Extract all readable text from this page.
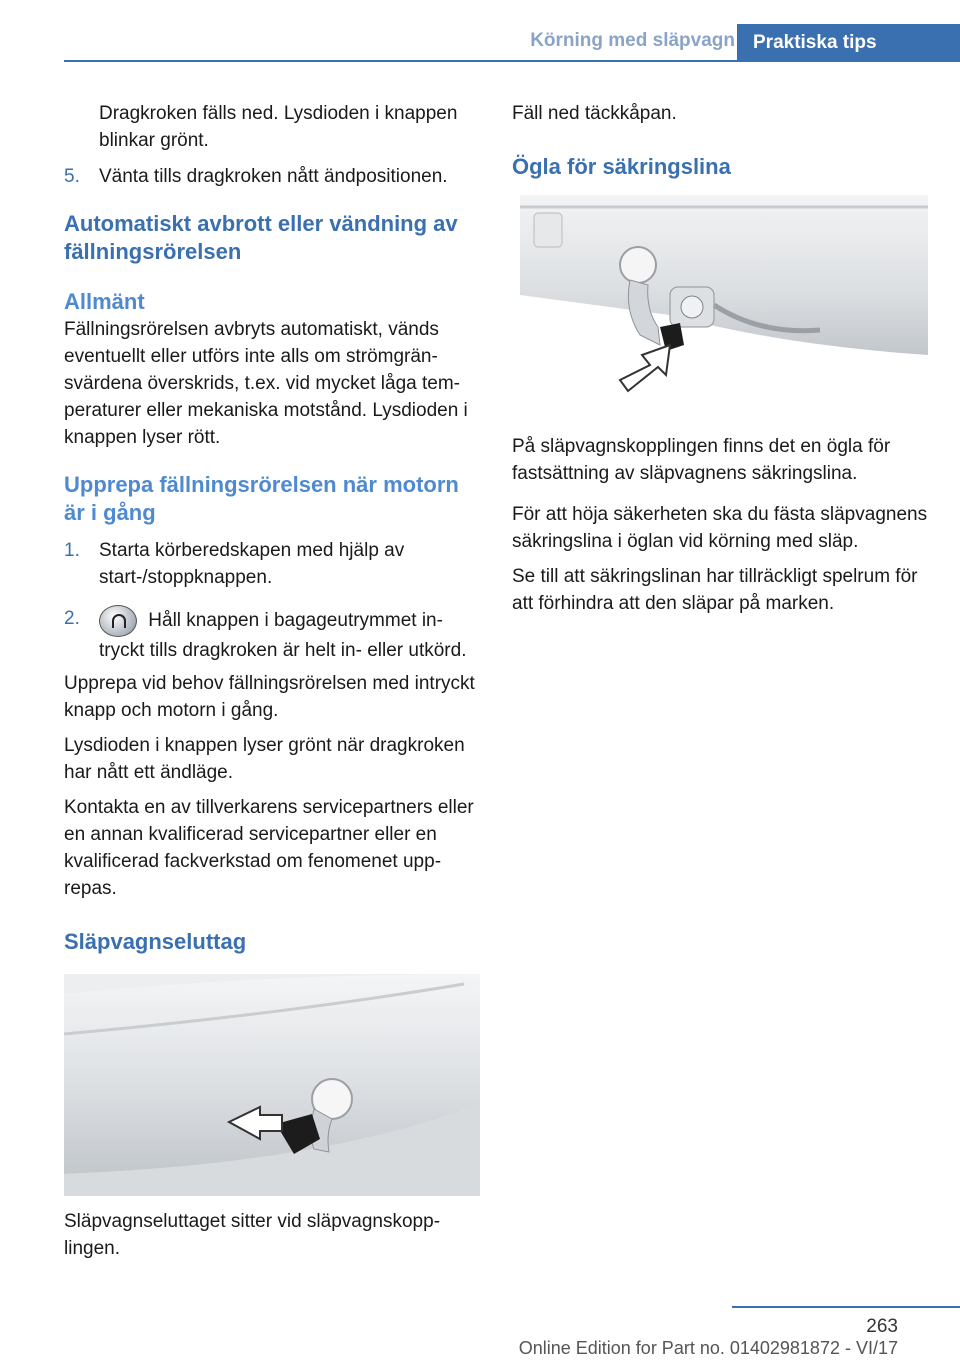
Körning med släpvagn Praktiska tips

Dragkroken fälls ned. Lysdioden i knappen blinkar grönt.

5.	Vänta tills dragkroken nått ändpositionen.
Automatiskt avbrott eller vändning av fällningsrörelsen
Allmänt

Fällningsrörelsen avbryts automatiskt, vänds eventuellt eller utförs inte alls om strömgränsvärdena överskrids, t.ex. vid mycket låga temperaturer eller mekaniska motstånd. Lysdioden i knappen lyser rött.

Upprepa fällningsrörelsen när motorn är i gång
1.	Starta körberedskapen med hjälp av start-/stoppknappen.
2.	Håll knappen i bagageutrymmet intryckt tills dragkroken är helt in- eller utkörd.

Upprepa vid behov fällningsrörelsen med intryckt knapp och motorn i gång.

Lysdioden i knappen lyser grönt när dragkroken har nått ett ändläge.

Kontakta en av tillverkarens servicepartners eller en annan kvalificerad servicepartner eller en kvalificerad fackverkstad om fenomenet upprepas.

Släpvagnseluttag

Släpvagnseluttaget sitter vid släpvagnskopplingen.

Fäll ned täckkåpan.

Ögla för säkringslina

På släpvagnskopplingen finns det en ögla för fastsättning av släpvagnens säkringslina.

För att höja säkerheten ska du fästa släpvagnens säkringslina i öglan vid körning med släp.

Se till att säkringslinan har tillräckligt spelrum för att förhindra att den släpar på marken.

263
Online Edition for Part no. 01402981872 - VI/17
